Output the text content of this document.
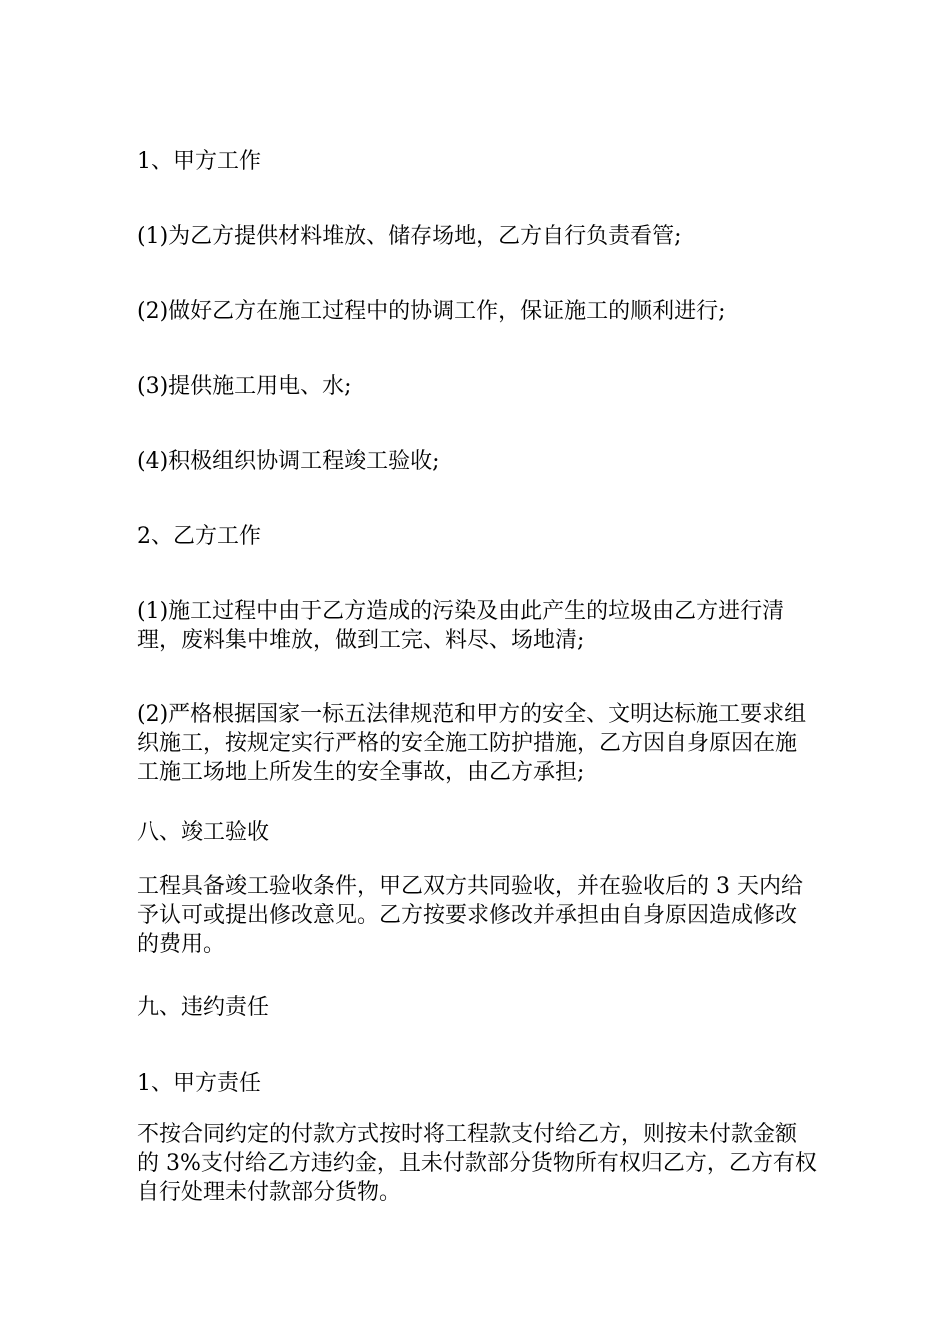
1、甲方工作

(1)为乙方提供材料堆放、储存场地，乙方自行负责看管;

(2)做好乙方在施工过程中的协调工作，保证施工的顺利进行;

(3)提供施工用电、水;

(4)积极组织协调工程竣工验收;

2、乙方工作

(1)施工过程中由于乙方造成的污染及由此产生的垃圾由乙方进行清理，废料集中堆放，做到工完、料尽、场地清;

(2)严格根据国家一标五法律规范和甲方的安全、文明达标施工要求组织施工，按规定实行严格的安全施工防护措施，乙方因自身原因在施工施工场地上所发生的安全事故，由乙方承担;

八、竣工验收

工程具备竣工验收条件，甲乙双方共同验收，并在验收后的 3 天内给予认可或提出修改意见。乙方按要求修改并承担由自身原因造成修改的费用。

九、违约责任

1、甲方责任

不按合同约定的付款方式按时将工程款支付给乙方，则按未付款金额的 3%支付给乙方违约金，且未付款部分货物所有权归乙方，乙方有权自行处理未付款部分货物。
